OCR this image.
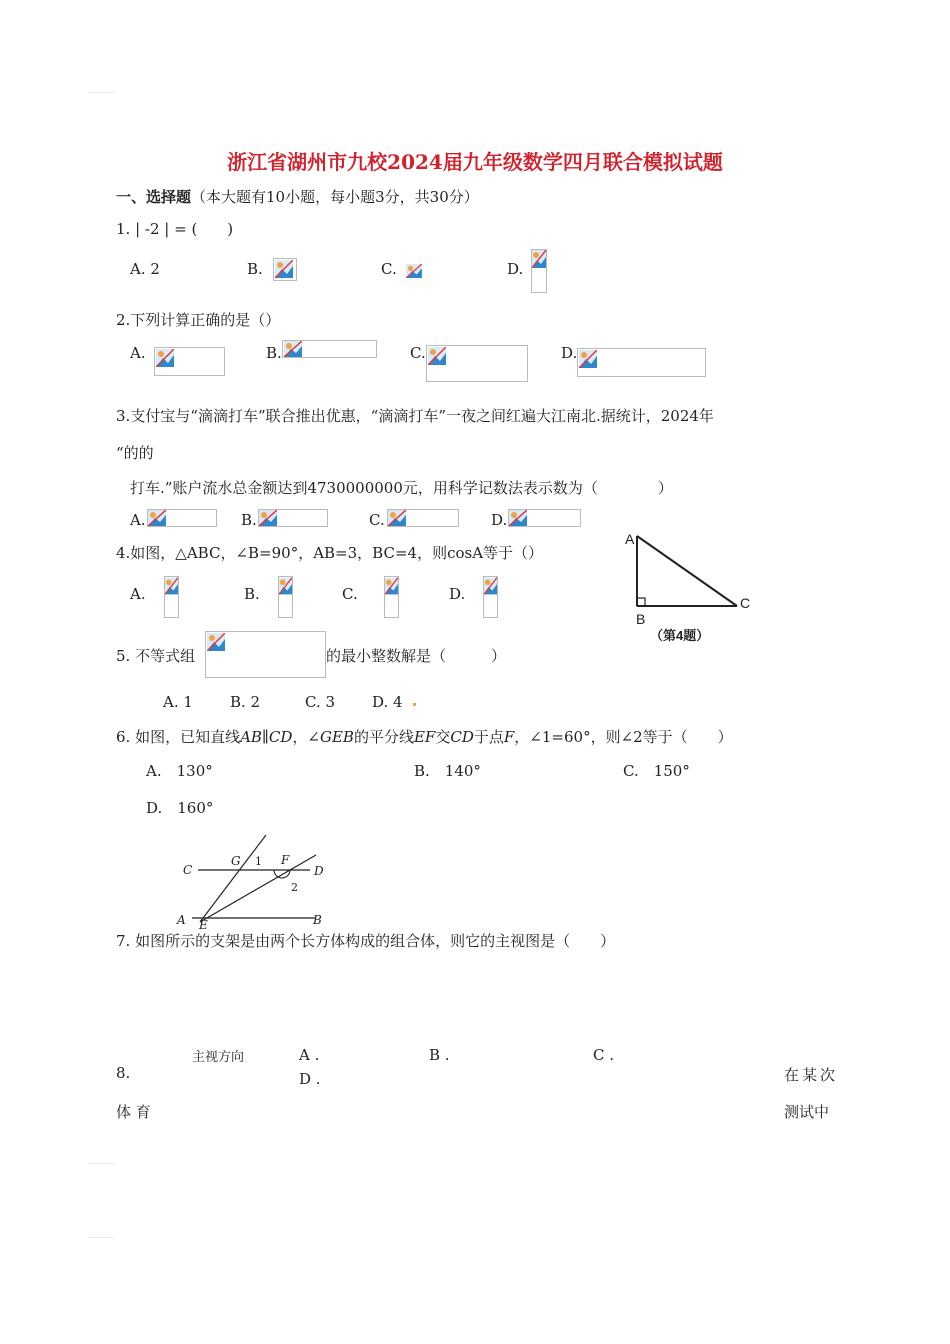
浙江省湖州市九校2024届九年级数学四月联合模拟试题
一、选择题（本大题有10小题，每小题3分，共30分）
1. | -2 | = (　　)
A. 2	B.	C.	D.
2.下列计算正确的是（）
A.	B.	C.	D.
3.支付宝与“滴滴打车”联合推出优惠，“滴滴打车”一夜之间红遍大江南北.据统计，2024年
“的的
打车.”账户流水总金额达到4730000000元，用科学记数法表示数为（　　　　）
A.	B.	C.	D.
4.如图，△ABC，∠B=90°，AB=3，BC=4，则cosA等于（）
A.	B.	C.	D.
A
B
C
（第4题）
5. 不等式组	的最小整数解是（　　　）
A. 1 B. 2	C. 3 D. 4
6. 如图，已知直线AB∥CD，∠GEB的平分线EF交CD于点F，∠1=60°，则∠2等于（　　）
A.　130°	B.　140°	C.　150°
D.　160°
C
G 1 F
D
2
A E	B
7. 如图所示的支架是由两个长方体构成的组合体，则它的主视图是（　　）
主视方向	A .	B .	C .
D .
8.	在某次
体 育	测试中
